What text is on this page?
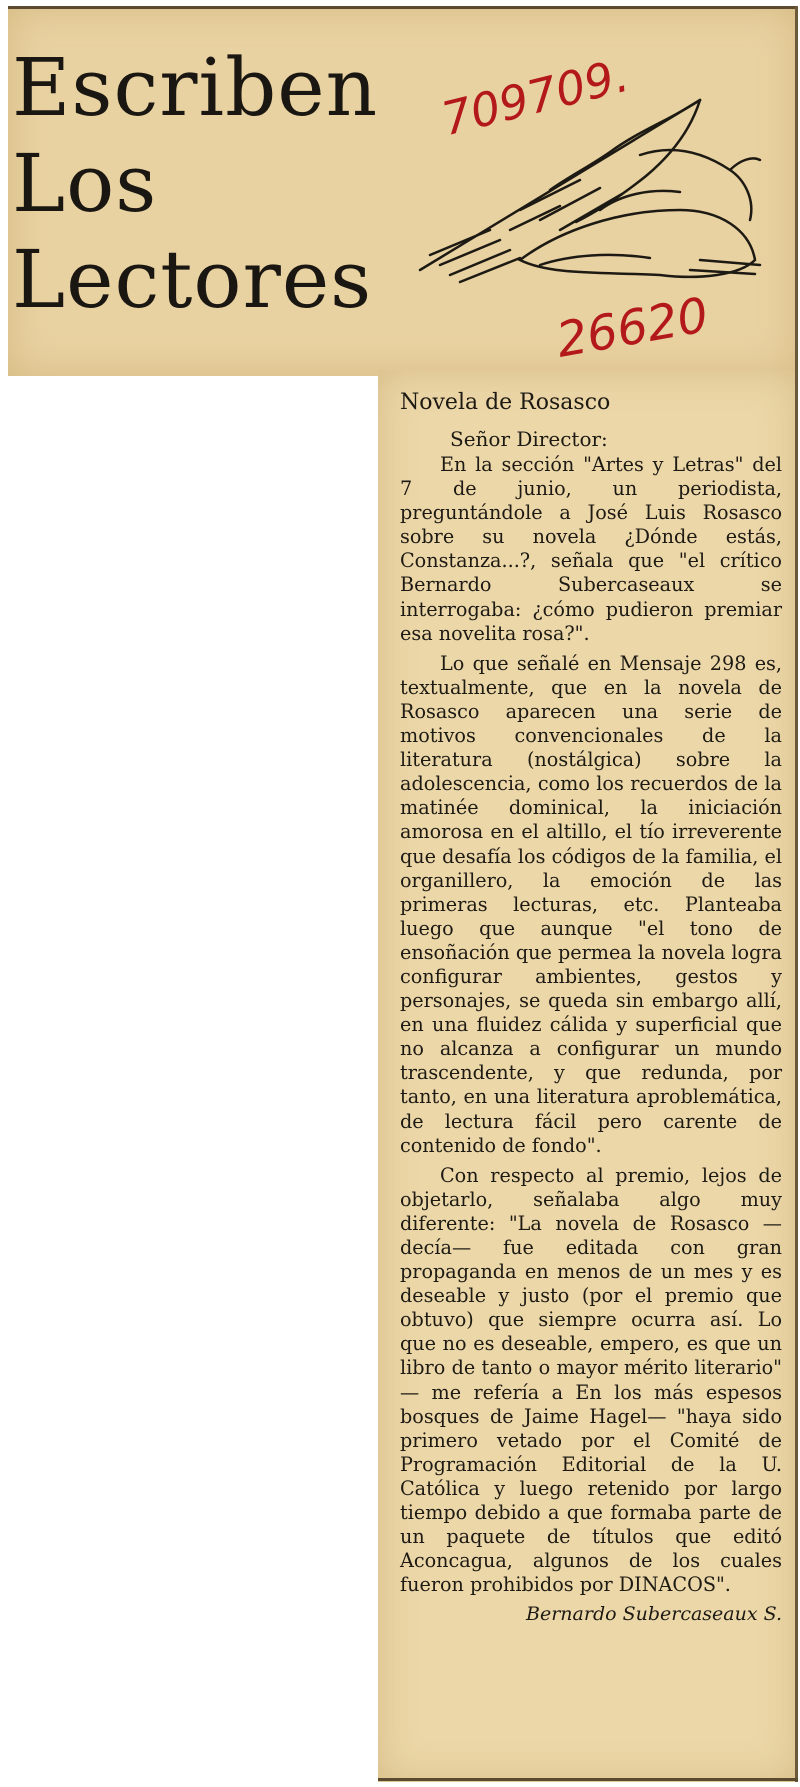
Escriben
Los
Lectores
709709.
26620
Novela de Rosasco

Señor Director:

En la sección "Artes y Letras" del 7 de junio, un periodista, preguntándole a José Luis Rosasco sobre su novela ¿Dónde estás, Constanza...?, señala que "el crítico Bernardo Subercaseaux se interrogaba: ¿cómo pudieron premiar esa novelita rosa?".

Lo que señalé en Mensaje 298 es, textualmente, que en la novela de Rosasco aparecen una serie de motivos convencionales de la literatura (nostálgica) sobre la adolescencia, como los recuerdos de la matinée dominical, la iniciación amorosa en el altillo, el tío irreverente que desafía los códigos de la familia, el organillero, la emoción de las primeras lecturas, etc. Planteaba luego que aunque "el tono de ensoñación que permea la novela logra configurar ambientes, gestos y personajes, se queda sin embargo allí, en una fluidez cálida y superficial que no alcanza a configurar un mundo trascendente, y que redunda, por tanto, en una literatura aproblemática, de lectura fácil pero carente de contenido de fondo".

Con respecto al premio, lejos de objetarlo, señalaba algo muy diferente: "La novela de Rosasco — decía— fue editada con gran propaganda en menos de un mes y es deseable y justo (por el premio que obtuvo) que siempre ocurra así. Lo que no es deseable, empero, es que un libro de tanto o mayor mérito literario" — me refería a En los más espesos bosques de Jaime Hagel— "haya sido primero vetado por el Comité de Programación Editorial de la U. Católica y luego retenido por largo tiempo debido a que formaba parte de un paquete de títulos que editó Aconcagua, algunos de los cuales fueron prohibidos por DINACOS".

Bernardo Subercaseaux S.
